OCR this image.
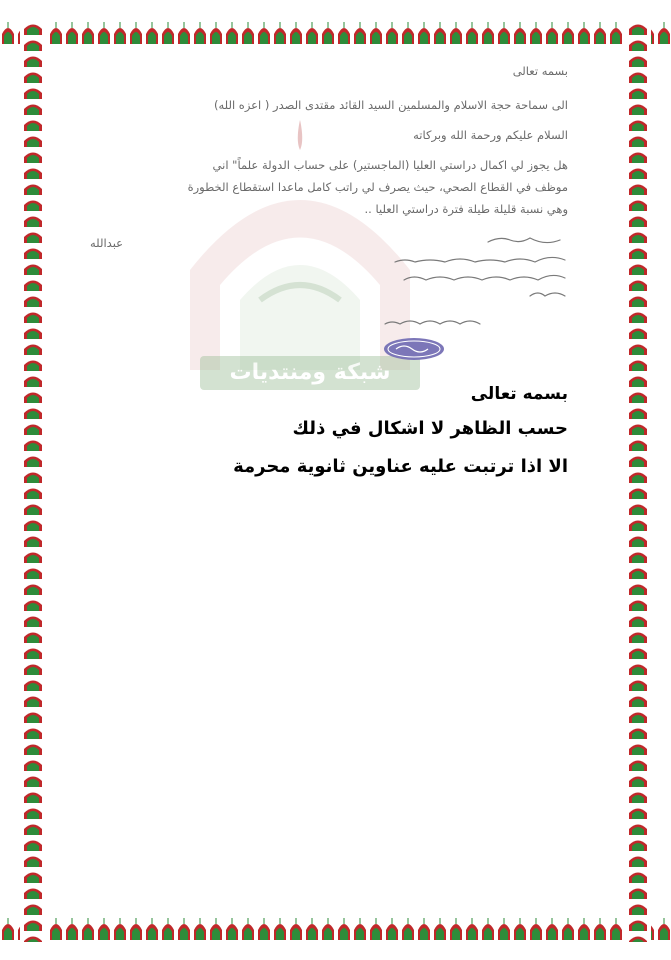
شبكة ومنتديات

بسمه تعالى

الى سماحة حجة الاسلام والمسلمين السيد القائد مقتدى الصدر ( اعزه الله)

السلام عليكم ورحمة الله وبركاته

هل يجوز لي اكمال دراستي العليا (الماجستير) على حساب الدولة علماً" اني

موظف في القطاع الصحي، حيث يصرف لي راتب كامل ماعدا استقطاع الخطورة

وهي نسبة قليلة طيلة فترة دراستي العليا ..

عبدالله

بسمه تعالى

حسب الظاهر لا اشكال في ذلك

الا اذا ترتبت عليه عناوين ثانوية محرمة
